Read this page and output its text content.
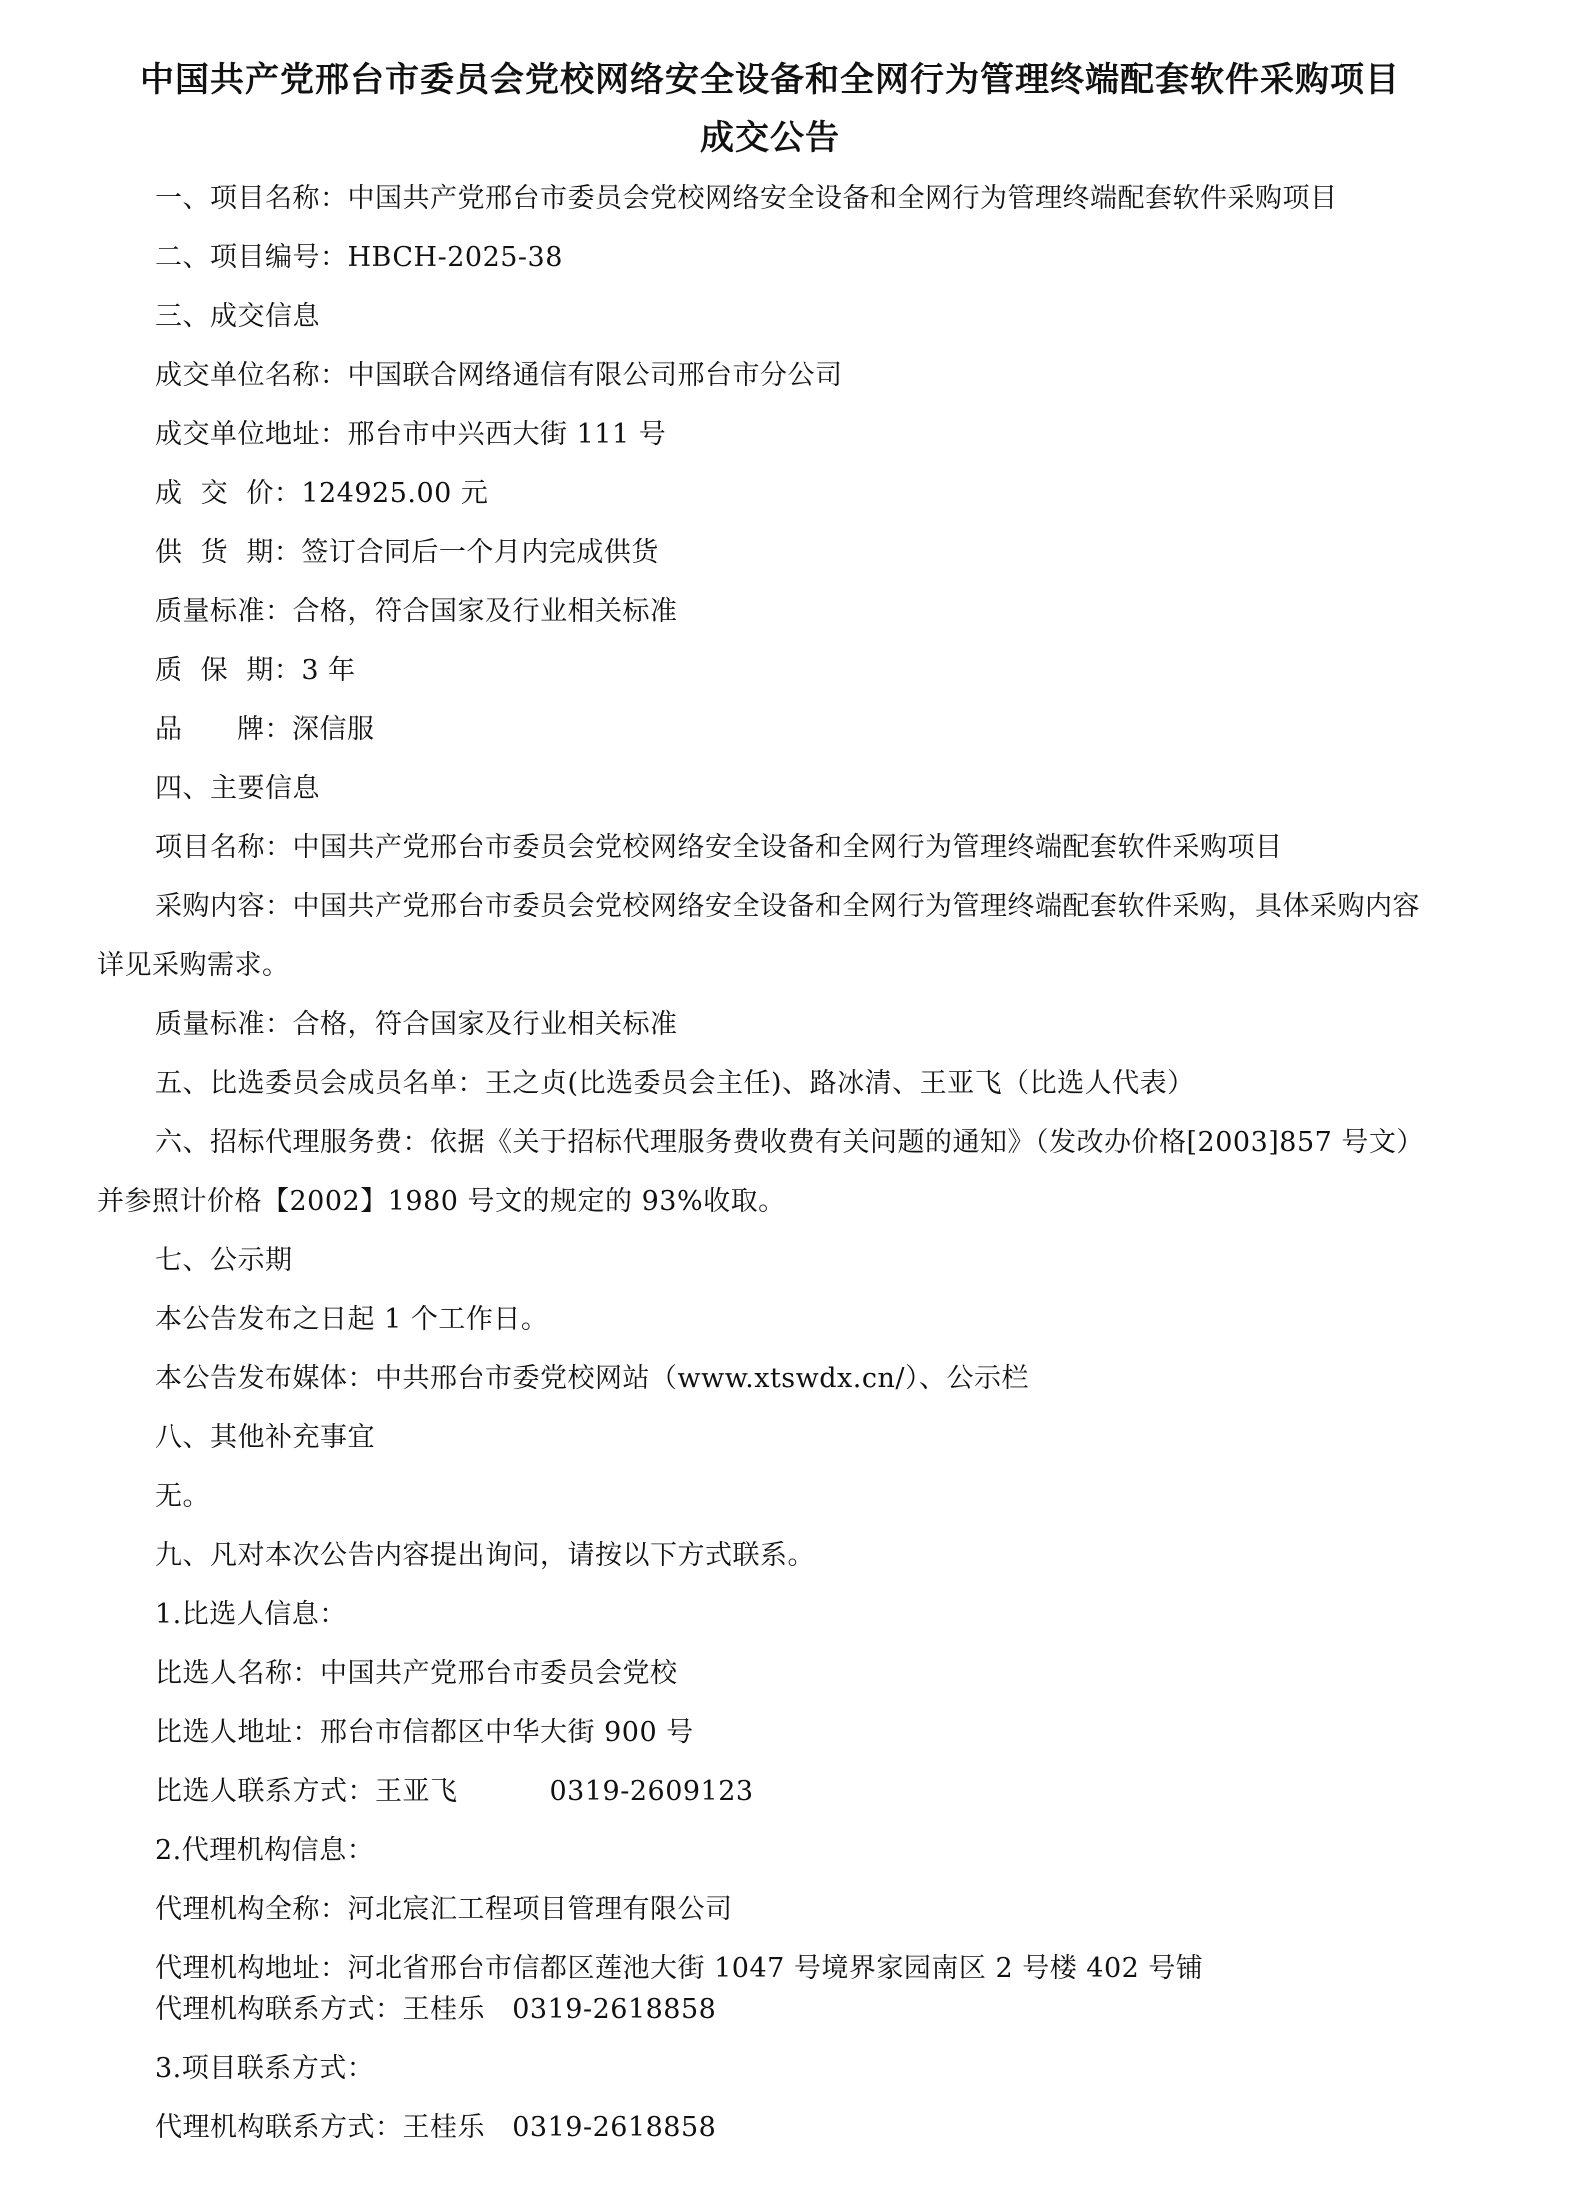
中国共产党邢台市委员会党校网络安全设备和全网行为管理终端配套软件采购项目
成交公告
一、项目名称：中国共产党邢台市委员会党校网络安全设备和全网行为管理终端配套软件采购项目
二、项目编号：HBCH-2025-38
三、成交信息
成交单位名称：中国联合网络通信有限公司邢台市分公司
成交单位地址：邢台市中兴西大街 111 号
成  交  价：124925.00 元
供  货  期：签订合同后一个月内完成供货
质量标准：合格，符合国家及行业相关标准
质  保  期：3 年
品      牌：深信服
四、主要信息
项目名称：中国共产党邢台市委员会党校网络安全设备和全网行为管理终端配套软件采购项目
采购内容：中国共产党邢台市委员会党校网络安全设备和全网行为管理终端配套软件采购，具体采购内容
详见采购需求。
质量标准：合格，符合国家及行业相关标准
五、比选委员会成员名单：王之贞(比选委员会主任)、路冰清、王亚飞（比选人代表）
六、招标代理服务费：依据《关于招标代理服务费收费有关问题的通知》（发改办价格[2003]857 号文）
并参照计价格【2002】1980 号文的规定的 93%收取。
七、公示期
本公告发布之日起 1 个工作日。
本公告发布媒体：中共邢台市委党校网站（www.xtswdx.cn/）、公示栏
八、其他补充事宜
无。
九、凡对本次公告内容提出询问，请按以下方式联系。
1.比选人信息：
比选人名称：中国共产党邢台市委员会党校
比选人地址：邢台市信都区中华大街 900 号
比选人联系方式：王亚飞	0319-2609123
2.代理机构信息：
代理机构全称：河北宸汇工程项目管理有限公司
代理机构地址：河北省邢台市信都区莲池大街 1047 号境界家园南区 2 号楼 402 号铺
代理机构联系方式：王桂乐   0319-2618858
3.项目联系方式：
代理机构联系方式：王桂乐   0319-2618858
